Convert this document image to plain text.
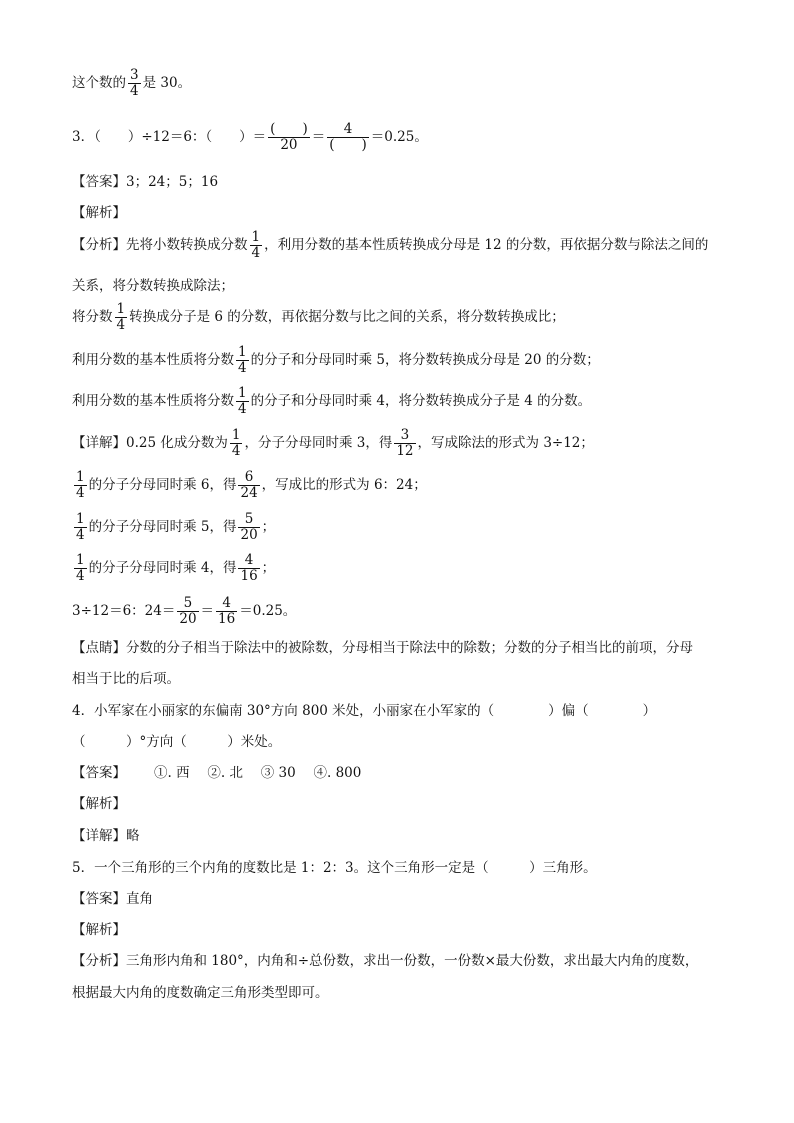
这个数的 $\frac{3}{4}$ 是 30。
3．（　　）÷12＝6：（　　）＝ $\frac{( )}{20} = \frac{4}{( )} =0.25$。
【答案】3；24；5；16
【解析】
【分析】先将小数转换成分数 $\frac{1}{4}$ ，利用分数的基本性质转换成分母是 12 的分数，再依据分数与除法之间的
关系，将分数转换成除法；
将分数 $\frac{1}{4}$ 转换成分子是 6 的分数，再依据分数与比之间的关系，将分数转换成比；
利用分数的基本性质将分数 $\frac{1}{4}$ 的分子和分母同时乘 5，将分数转换成分母是 20 的分数；
利用分数的基本性质将分数 $\frac{1}{4}$ 的分子和分母同时乘 4，将分数转换成分子是 4 的分数。
【详解】0.25 化成分数为 $\frac{1}{4}$ ，分子分母同时乘 3，得 $\frac{3}{12}$ ，写成除法的形式为 3÷12；
$\frac{1}{4}$ 的分子分母同时乘 6，得 $\frac{6}{24}$ ，写成比的形式为 6：24；
$\frac{1}{4}$ 的分子分母同时乘 5，得 $\frac{5}{20}$ ；
$\frac{1}{4}$ 的分子分母同时乘 4，得 $\frac{4}{16}$ ；
3÷12＝6：$24= \frac{5}{20} = \frac{4}{16} =0.25$。
【点睛】分数的分子相当于除法中的被除数，分母相当于除法中的除数；分数的分子相当比的前项，分母
相当于比的后项。
4．小军家在小丽家的东偏南 30°方向 800 米处，小丽家在小军家的（　　　　）偏（　　　　）
（　　　）°方向（　　　）米处。
【答案】 ①. 西　 ②. 北　 ③ 30　 ④. 800
【解析】
【详解】略
5．一个三角形的三个内角的度数比是 1：2：3。这个三角形一定是（　　　）三角形。
【答案】直角
【解析】
【分析】三角形内角和 180°，内角和÷总份数，求出一份数，一份数×最大份数，求出最大内角的度数，
根据最大内角的度数确定三角形类型即可。
